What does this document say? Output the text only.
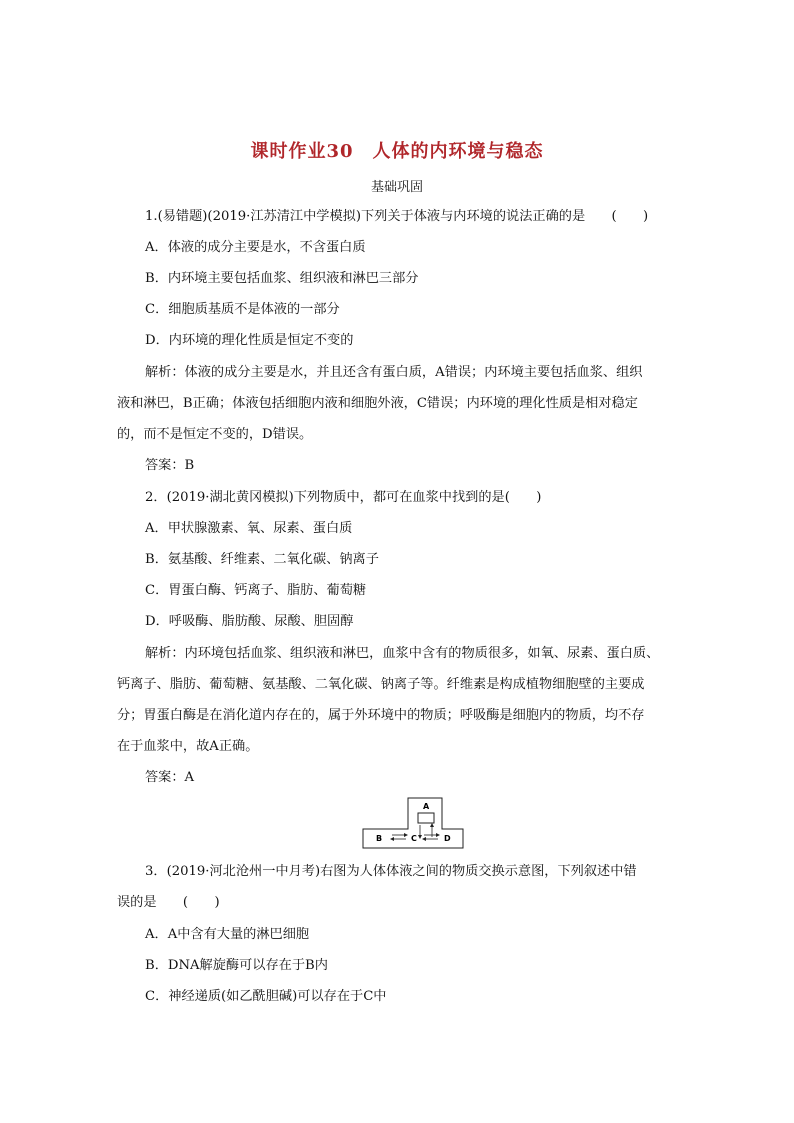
课时作业30　人体的内环境与稳态
基础巩固
1.(易错题)(2019·江苏清江中学模拟)下列关于体液与内环境的说法正确的是　　(　　)
A．体液的成分主要是水，不含蛋白质
B．内环境主要包括血浆、组织液和淋巴三部分
C．细胞质基质不是体液的一部分
D．内环境的理化性质是恒定不变的
解析：体液的成分主要是水，并且还含有蛋白质，A错误；内环境主要包括血浆、组织
液和淋巴，B正确；体液包括细胞内液和细胞外液，C错误；内环境的理化性质是相对稳定
的，而不是恒定不变的，D错误。
答案：B
2．(2019·湖北黄冈模拟)下列物质中，都可在血浆中找到的是(　　)
A．甲状腺激素、氧、尿素、蛋白质
B．氨基酸、纤维素、二氧化碳、钠离子
C．胃蛋白酶、钙离子、脂肪、葡萄糖
D．呼吸酶、脂肪酸、尿酸、胆固醇
解析：内环境包括血浆、组织液和淋巴，血浆中含有的物质很多，如氧、尿素、蛋白质、
钙离子、脂肪、葡萄糖、氨基酸、二氧化碳、钠离子等。纤维素是构成植物细胞壁的主要成
分；胃蛋白酶是在消化道内存在的，属于外环境中的物质；呼吸酶是细胞内的物质，均不存
在于血浆中，故A正确。
答案：A
A
B	C	D
3．(2019·河北沧州一中月考)右图为人体体液之间的物质交换示意图，下列叙述中错
误的是　　(　　)
A．A中含有大量的淋巴细胞
B．DNA解旋酶可以存在于B内
C．神经递质(如乙酰胆碱)可以存在于C中
